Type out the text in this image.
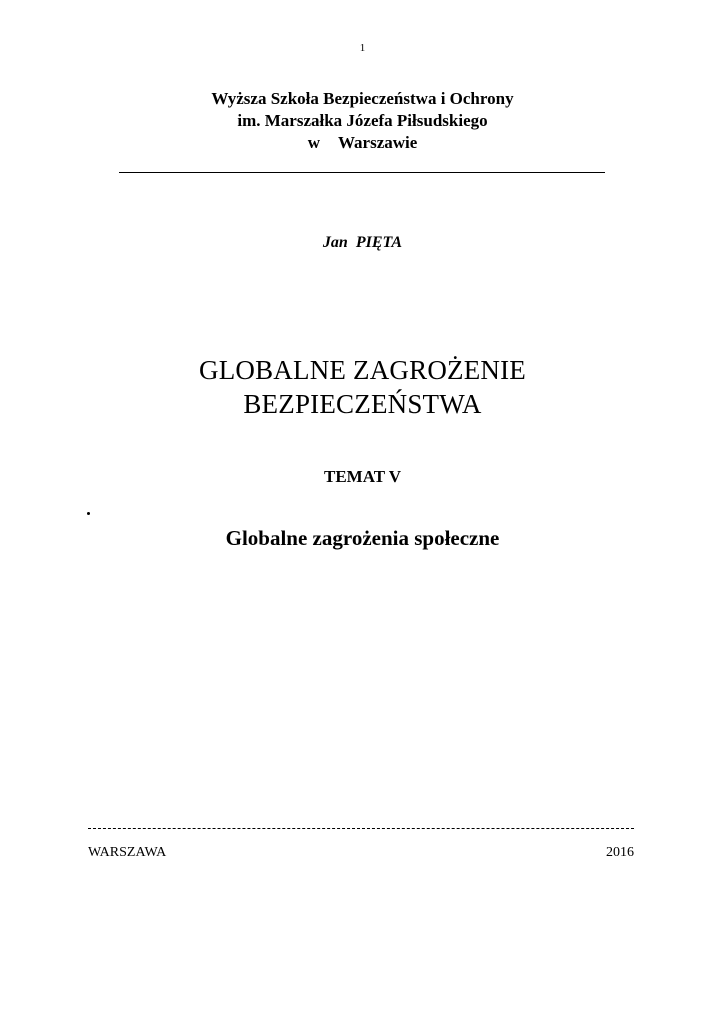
1
Wyższa Szkoła Bezpieczeństwa i Ochrony
im. Marszałka Józefa Piłsudskiego
w Warszawie
Jan  PIĘTA
GLOBALNE ZAGROŻENIE
BEZPIECZEŃSTWA
TEMAT V
Globalne zagrożenia społeczne
WARSZAWA	2016
